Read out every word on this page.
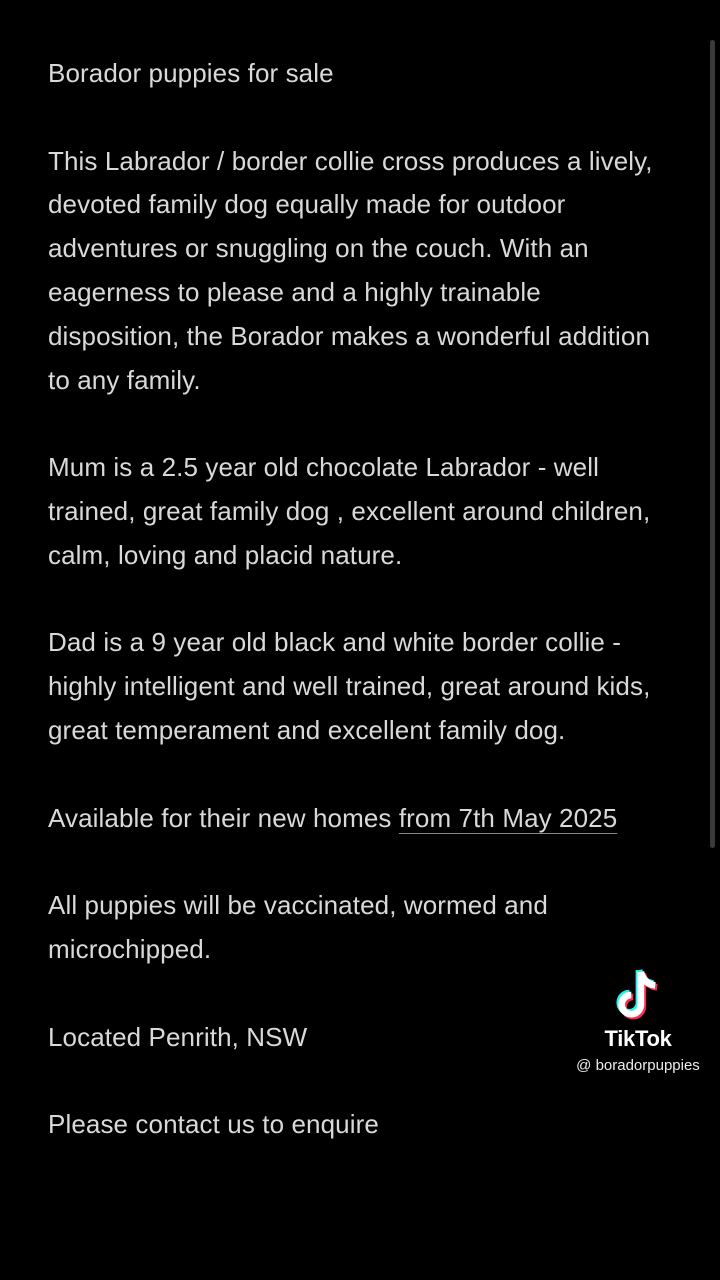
Borador puppies for sale

This Labrador / border collie cross produces a lively, devoted family dog equally made for outdoor adventures or snuggling on the couch. With an eagerness to please and a highly trainable disposition, the Borador makes a wonderful addition to any family.

Mum is a 2.5 year old chocolate Labrador - well trained, great family dog , excellent around children, calm, loving and placid nature.

Dad is a 9 year old black and white border collie - highly intelligent and well trained, great around kids, great temperament and excellent family dog.

Available for their new homes from 7th May 2025

All puppies will be vaccinated, wormed and microchipped.

Located Penrith, NSW

Please contact us to enquire

TikTok
@ boradorpuppies
